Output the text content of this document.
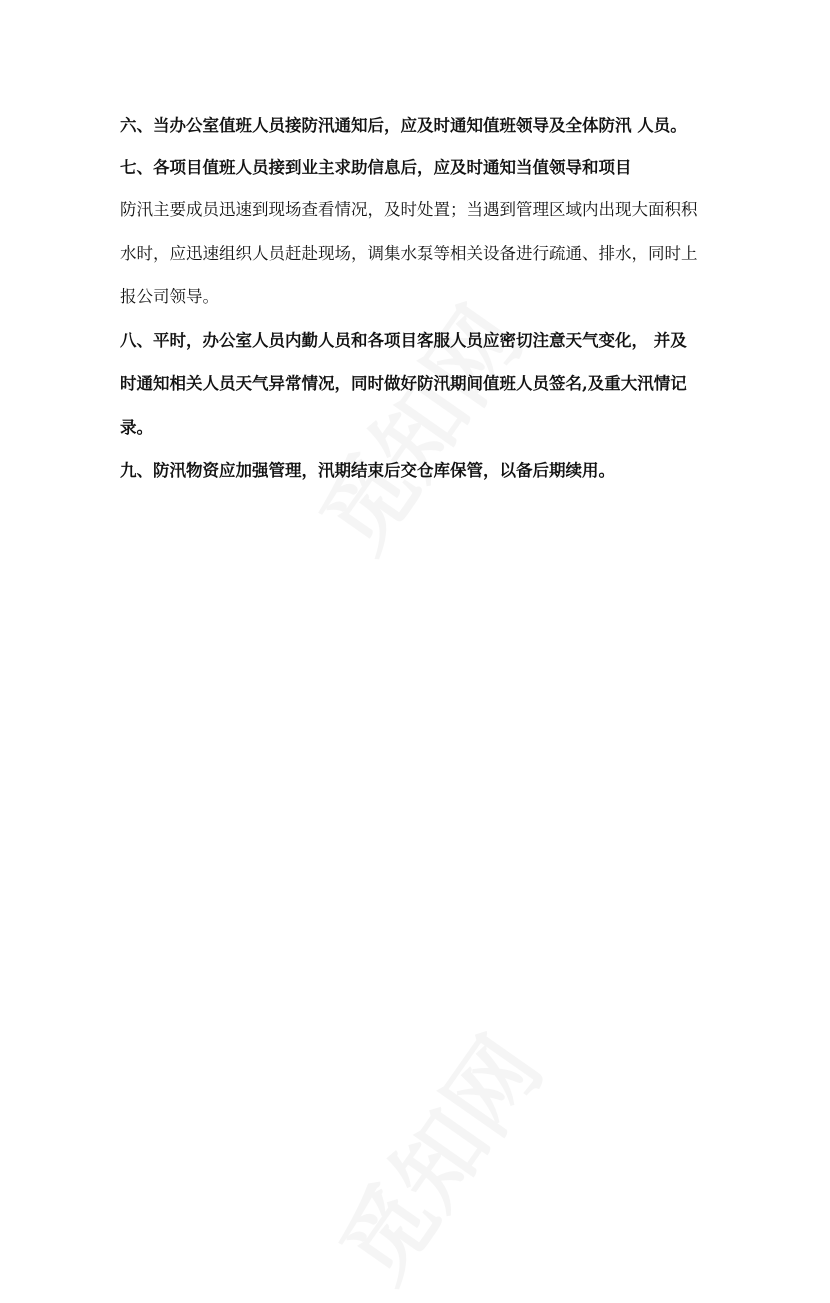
六、当办公室值班人员接防汛通知后，应及时通知值班领导及全体防汛 人员。
七、各项目值班人员接到业主求助信息后，应及时通知当值领导和项目
防汛主要成员迅速到现场查看情况，及时处置；当遇到管理区域内出现大面积积
水时，应迅速组织人员赶赴现场，调集水泵等相关设备进行疏通、排水，同时上
报公司领导。
八、平时，办公室人员内勤人员和各项目客服人员应密切注意天气变化， 并及
时通知相关人员天气异常情况，同时做好防汛期间值班人员签名,及重大汛情记
录。
九、防汛物资应加强管理，汛期结束后交仓库保管，以备后期续用。
